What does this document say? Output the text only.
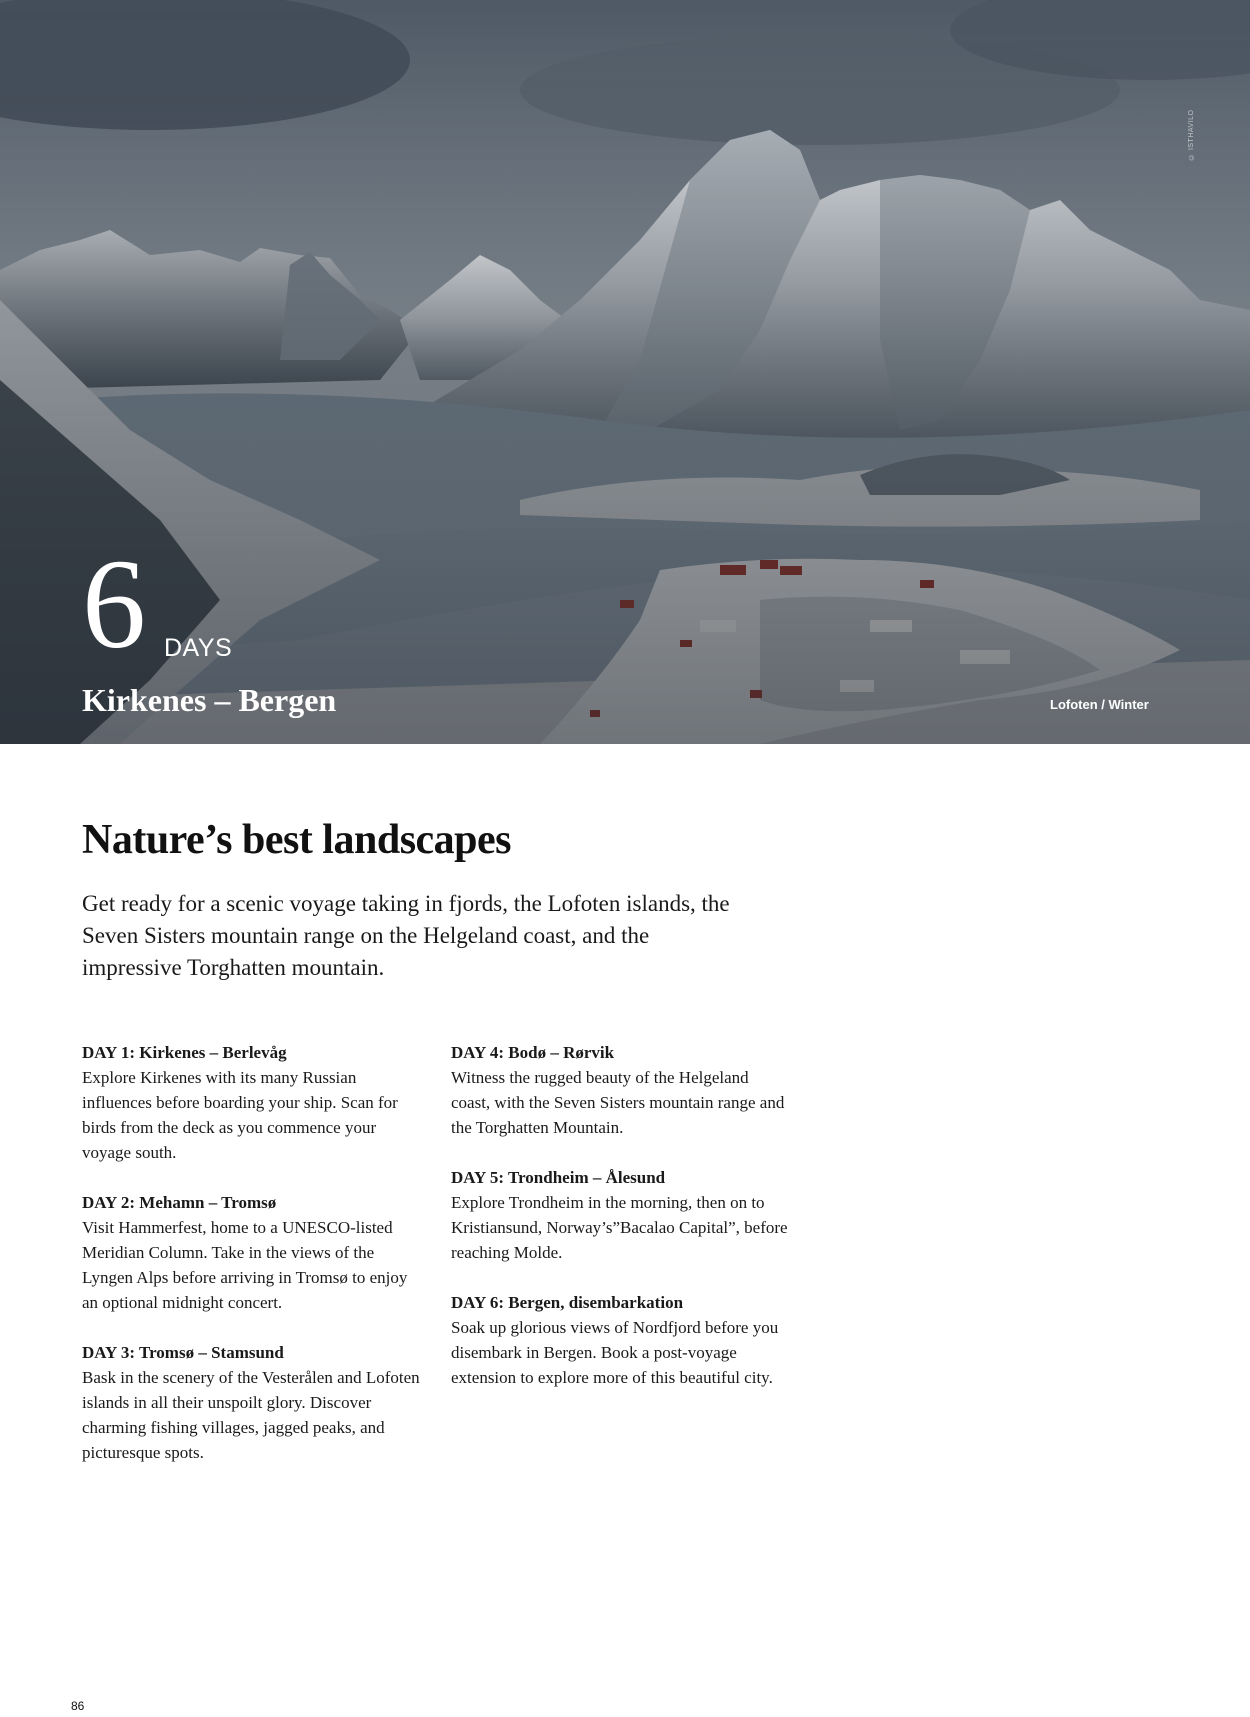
© ISTHAVILO
6 DAYS
Kirkenes – Bergen	Lofoten / Winter
Nature’s best landscapes

Get ready for a scenic voyage taking in fjords, the Lofoten islands, the Seven Sisters mountain range on the Helgeland coast, and the impressive Torghatten mountain.

DAY 1: Kirkenes – Berlevåg
Explore Kirkenes with its many Russian influences before boarding your ship. Scan for birds from the deck as you commence your voyage south.
DAY 2: Mehamn – Tromsø
Visit Hammerfest, home to a UNESCO-listed Meridian Column. Take in the views of the Lyngen Alps before arriving in Tromsø to enjoy an optional midnight concert.
DAY 3: Tromsø – Stamsund
Bask in the scenery of the Vesterålen and Lofoten islands in all their unspoilt glory. Discover charming fishing villages, jagged peaks, and picturesque spots.
DAY 4: Bodø – Rørvik
Witness the rugged beauty of the Helgeland coast, with the Seven Sisters mountain range and the Torghatten Mountain.
DAY 5: Trondheim – Ålesund
Explore Trondheim in the morning, then on to Kristiansund, Norway’s”Bacalao Capital”, before reaching Molde.
DAY 6: Bergen, disembarkation
Soak up glorious views of Nordfjord before you disembark in Bergen. Book a post-voyage extension to explore more of this beautiful city.
86
